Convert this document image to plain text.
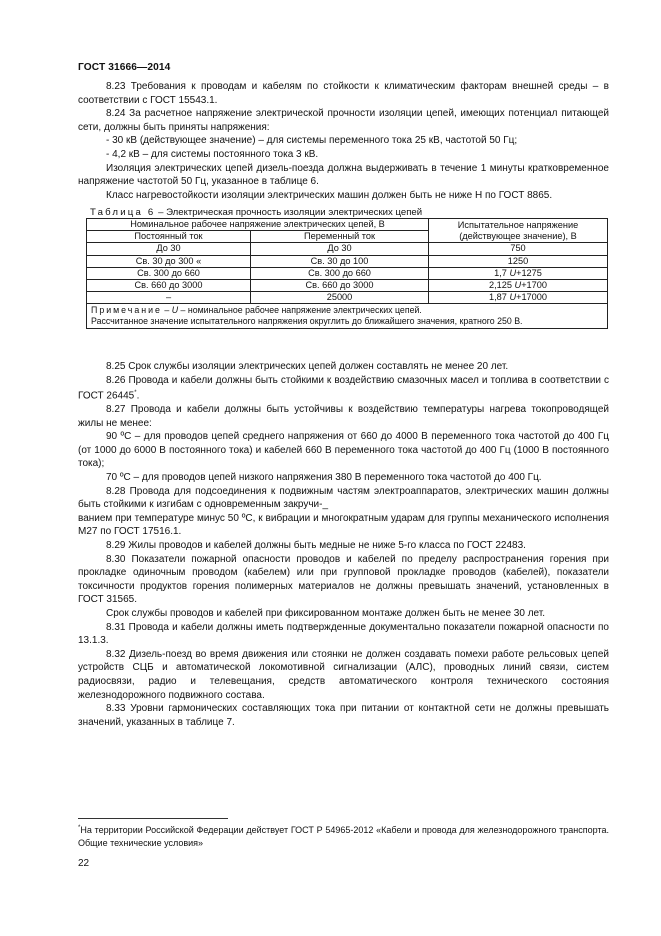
ГОСТ 31666—2014

8.23 Требования к проводам и кабелям по стойкости к климатическим факторам внешней среды – в соответствии с ГОСТ 15543.1.

8.24 За расчетное напряжение электрической прочности изоляции цепей, имеющих потенциал питающей сети, должны быть приняты напряжения:

- 30 кВ (действующее значение) – для системы переменного тока 25 кВ, частотой 50 Гц;

- 4,2 кВ – для системы постоянного тока 3 кВ.

Изоляция электрических цепей дизель-поезда должна выдерживать в течение 1 минуты кратковременное напряжение частотой 50 Гц, указанное в таблице 6.

Класс нагревостойкости изоляции электрических машин должен быть не ниже Н по ГОСТ 8865.

Таблица 6 – Электрическая прочность изоляции электрических цепей
Номинальное рабочее напряжение электрических цепей, В		Испытательное напряжение (действующее значение), В
Постоянный ток	Переменный ток	
До 30	До 30	750
Св. 30 до 300 «	Св. 30 до 100	1250
Св. 300 до 660	Св. 300 до 660	1,7 U+1275
Св. 660 до 3000	Св. 660 до 3000	2,125 U+1700
–	25000	1,87 U+17000
Примечание – U – номинальное рабочее напряжение электрических цепей.
Рассчитанное значение испытательного напряжения округлить до ближайшего значения, кратного 250 В.		

8.25 Срок службы изоляции электрических цепей должен составлять не менее 20 лет.

8.26 Провода и кабели должны быть стойкими к воздействию смазочных масел и топлива в соответствии с ГОСТ 26445*.

8.27 Провода и кабели должны быть устойчивы к воздействию температуры нагрева токопроводящей жилы не менее:

90 ºС – для проводов цепей среднего напряжения от 660 до 4000 В переменного тока частотой до 400 Гц (от 1000 до 6000 В постоянного тока) и кабелей 660 В переменного тока частотой до 400 Гц (1000 В постоянного тока);

70 ºС – для проводов цепей низкого напряжения 380 В переменного тока частотой до 400 Гц.

8.28 Провода для подсоединения к подвижным частям электроаппаратов, электрических машин должны быть стойкими к изгибам с одновременным закручи-_

ванием при температуре минус 50 ºС, к вибрации и многократным ударам для группы механического исполнения М27 по ГОСТ 17516.1.

8.29 Жилы проводов и кабелей должны быть медные не ниже 5-го класса по ГОСТ 22483.

8.30 Показатели пожарной опасности проводов и кабелей по пределу распространения горения при прокладке одиночным проводом (кабелем) или при групповой прокладке проводов (кабелей), показатели токсичности продуктов горения полимерных материалов не должны превышать значений, установленных в ГОСТ 31565.

Срок службы проводов и кабелей при фиксированном монтаже должен быть не менее 30 лет.

8.31 Провода и кабели должны иметь подтвержденные документально показатели пожарной опасности по 13.1.3.

8.32 Дизель-поезд во время движения или стоянки не должен создавать помехи работе рельсовых цепей устройств СЦБ и автоматической локомотивной сигнализации (АЛС), проводных линий связи, систем радиосвязи, радио и телевещания, средств автоматического контроля технического состояния железнодорожного подвижного состава.

8.33 Уровни гармонических составляющих тока при питании от контактной сети не должны превышать значений, указанных в таблице 7.

*На территории Российской Федерации действует ГОСТ Р 54965-2012 «Кабели и провода для железнодорожного транспорта. Общие технические условия»
22
